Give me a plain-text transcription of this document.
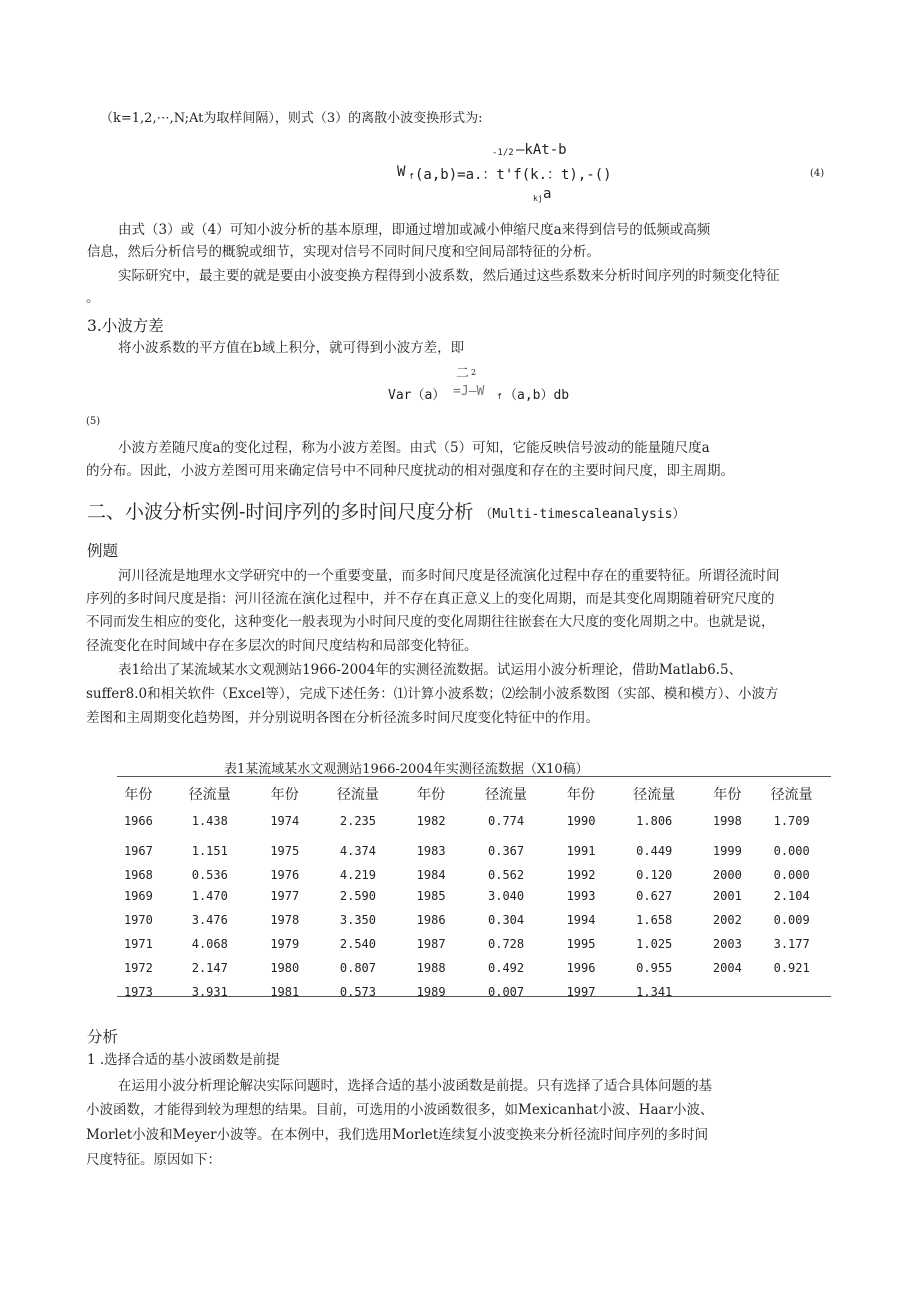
（k=1,2,⋯,N;At为取样间隔），则式（3）的离散小波变换形式为:
-1/2 —kAt-b
W f (a,b)=a.：t'f(k.：t),-()
kj a
(4)
由式（3）或（4）可知小波分析的基本原理，即通过增加或减小伸缩尺度a来得到信号的低频或高频
信息，然后分析信号的概貌或细节，实现对信号不同时间尺度和空间局部特征的分析。
实际研究中，最主要的就是要由小波变换方程得到小波系数，然后通过这些系数来分析时间序列的时频变化特征
。
3.小波方差
将小波系数的平方值在b域上积分，就可得到小波方差，即
二 2
Var（a） =J—W f （a,b）db
(5)
小波方差随尺度a的变化过程，称为小波方差图。由式（5）可知，它能反映信号波动的能量随尺度a
的分布。因此，小波方差图可用来确定信号中不同种尺度扰动的相对强度和存在的主要时间尺度，即主周期。
二、小波分析实例-时间序列的多时间尺度分析 （Multi-timescaleanalysis）
例题
河川径流是地理水文学研究中的一个重要变量，而多时间尺度是径流演化过程中存在的重要特征。所谓径流时间
序列的多时间尺度是指：河川径流在演化过程中，并不存在真正意义上的变化周期，而是其变化周期随着研究尺度的
不同而发生相应的变化，这种变化一般表现为小时间尺度的变化周期往往嵌套在大尺度的变化周期之中。也就是说，
径流变化在时间域中存在多层次的时间尺度结构和局部变化特征。
表1给出了某流域某水文观测站1966-2004年的实测径流数据。试运用小波分析理论，借助Matlab6.5、
suffer8.0和相关软件（Excel等），完成下述任务：⑴计算小波系数；⑵绘制小波系数图（实部、模和模方）、小波方
差图和主周期变化趋势图，并分别说明各图在分析径流多时间尺度变化特征中的作用。
表1某流域某水文观测站1966-2004年实测径流数据（X10稿）
年份	径流量	年份	径流量	年份	径流量	年份	径流量	年份	径流量
1966	1.438	1974	2.235	1982	0.774	1990	1.806	1998	1.709
1967	1.151	1975	4.374	1983	0.367	1991	0.449	1999	0.000
1968	0.536	1976	4.219	1984	0.562	1992	0.120	2000	0.000
1969	1.470	1977	2.590	1985	3.040	1993	0.627	2001	2.104
1970	3.476	1978	3.350	1986	0.304	1994	1.658	2002	0.009
1971	4.068	1979	2.540	1987	0.728	1995	1.025	2003	3.177
1972	2.147	1980	0.807	1988	0.492	1996	0.955	2004	0.921
1973	3.931	1981	0.573	1989	0.007	1997	1.341		
分析
1 .选择合适的基小波函数是前提
在运用小波分析理论解决实际问题时，选择合适的基小波函数是前提。只有选择了适合具体问题的基
小波函数，才能得到较为理想的结果。目前，可选用的小波函数很多，如Mexicanhat小波、Haar小波、
Morlet小波和Meyer小波等。在本例中，我们选用Morlet连续复小波变换来分析径流时间序列的多时间
尺度特征。原因如下：
